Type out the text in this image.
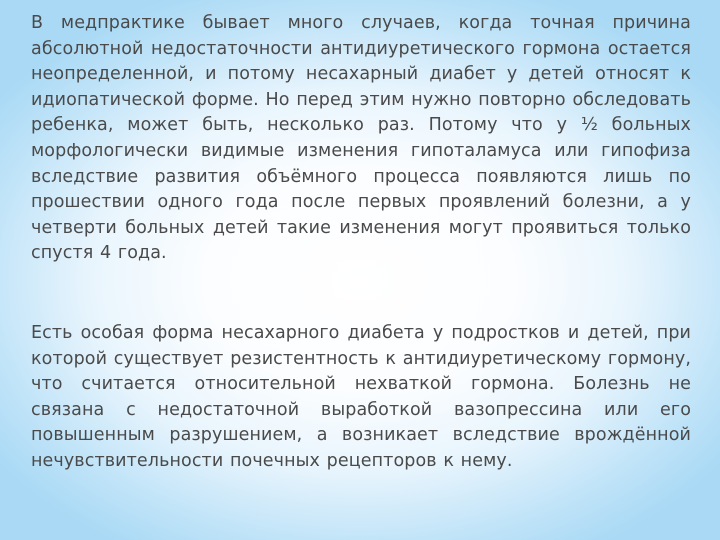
В медпрактике бывает много случаев, когда точная причина абсолютной недостаточности антидиуретического гормона остается неопределенной, и потому несахарный диабет у детей относят к идиопатической форме. Но перед этим нужно повторно обследовать ребенка, может быть, несколько раз. Потому что у ½ больных морфологически видимые изменения гипоталамуса или гипофиза вследствие развития объёмного процесса появляются лишь по прошествии одного года после первых проявлений болезни, а у четверти больных детей такие изменения могут проявиться только спустя 4 года.

Есть особая форма несахарного диабета у подростков и детей, при которой существует резистентность к антидиуретическому гормону, что считается относительной нехваткой гормона. Болезнь не связана с недостаточной выработкой вазопрессина или его повышенным разрушением, а возникает вследствие врождённой нечувствительности почечных рецепторов к нему.
